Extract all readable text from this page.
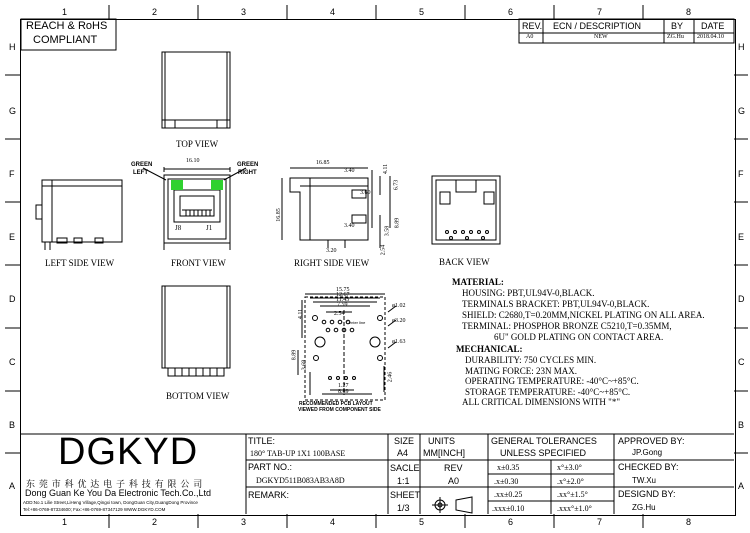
1	2	3	4	5	6	7	8
1	2	3	4	5	6	7	8
H
G
F
E
D
C
B
A
H
G
F
E
D
C
B
A
REACH & RoHS
COMPLIANT
REV. ECN / DESCRIPTION	BY DATE
A0	NEW	ZG.Hu 2018.04.10
TOP VIEW
LEFT SIDE VIEW	FRONT VIEW	RIGHT SIDE VIEW	BACK VIEW
BOTTOM VIEW
RECOMMENDED PCB LAYOUT
VIEWED FROM COMPONENT SIDE
Center line
GREEN
LEFT
GREEN
RIGHT
J8	J1
16.10	16.85
16.85
3.40
3.60
4.11
6.73
3.40
3.20	2.54
3.58
8.89
15.75
12.67
11.43
7.59
2.54
4.11
ø1.02
ø3.20
ø1.63
8.89
3.69
1.27
8.89
2.46
MATERIAL:
HOUSING: PBT,UL94V-0,BLACK.
TERMINALS BRACKET: PBT,UL94V-0,BLACK.
SHIELD: C2680,T=0.20MM,NICKEL PLATING ON ALL AREA.
TERMINAL: PHOSPHOR BRONZE C5210,T=0.35MM,
6U" GOLD PLATING ON CONTACT AREA.
MECHANICAL:
DURABILITY: 750 CYCLES MIN.
MATING FORCE: 23N MAX.
OPERATING TEMPERATURE: -40°C~+85°C.
STORAGE TEMPERATURE: -40°C~+85°C.
ALL CRITICAL DIMENSIONS WITH "*"
DGKYD
东 莞 市 科 优 达 电 子 科 技 有 限 公 司
Dong Guan Ke You Da Electronic Tech.Co.,Ltd
ADD:No.1 Lilie Street,LiHeng Village,Qingxi town, DongGuan City,GuangDong Province
Tel:+86-0769-87334600; Fax:+86-0769-87347129 WWW.DGKYD.COM
TITLE:
180° TAB-UP 1X1 100BASE
PART NO.:
DGKYD511B083AB3A8D
REMARK:
SIZE
A4
UNITS
MM[INCH]
SACLE
1:1
REV
A0
SHEET
1/3
GENERAL TOLERANCES
UNLESS SPECIFIED
x±0.35	x°±3.0°
.x±0.30	.x°±2.0°
.xx±0.25	.xx°±1.5°
.xxx±0.10	.xxx°±1.0°
APPROVED BY:
JP.Gong
CHECKED BY:
TW.Xu
DESIGND BY:
ZG.Hu
